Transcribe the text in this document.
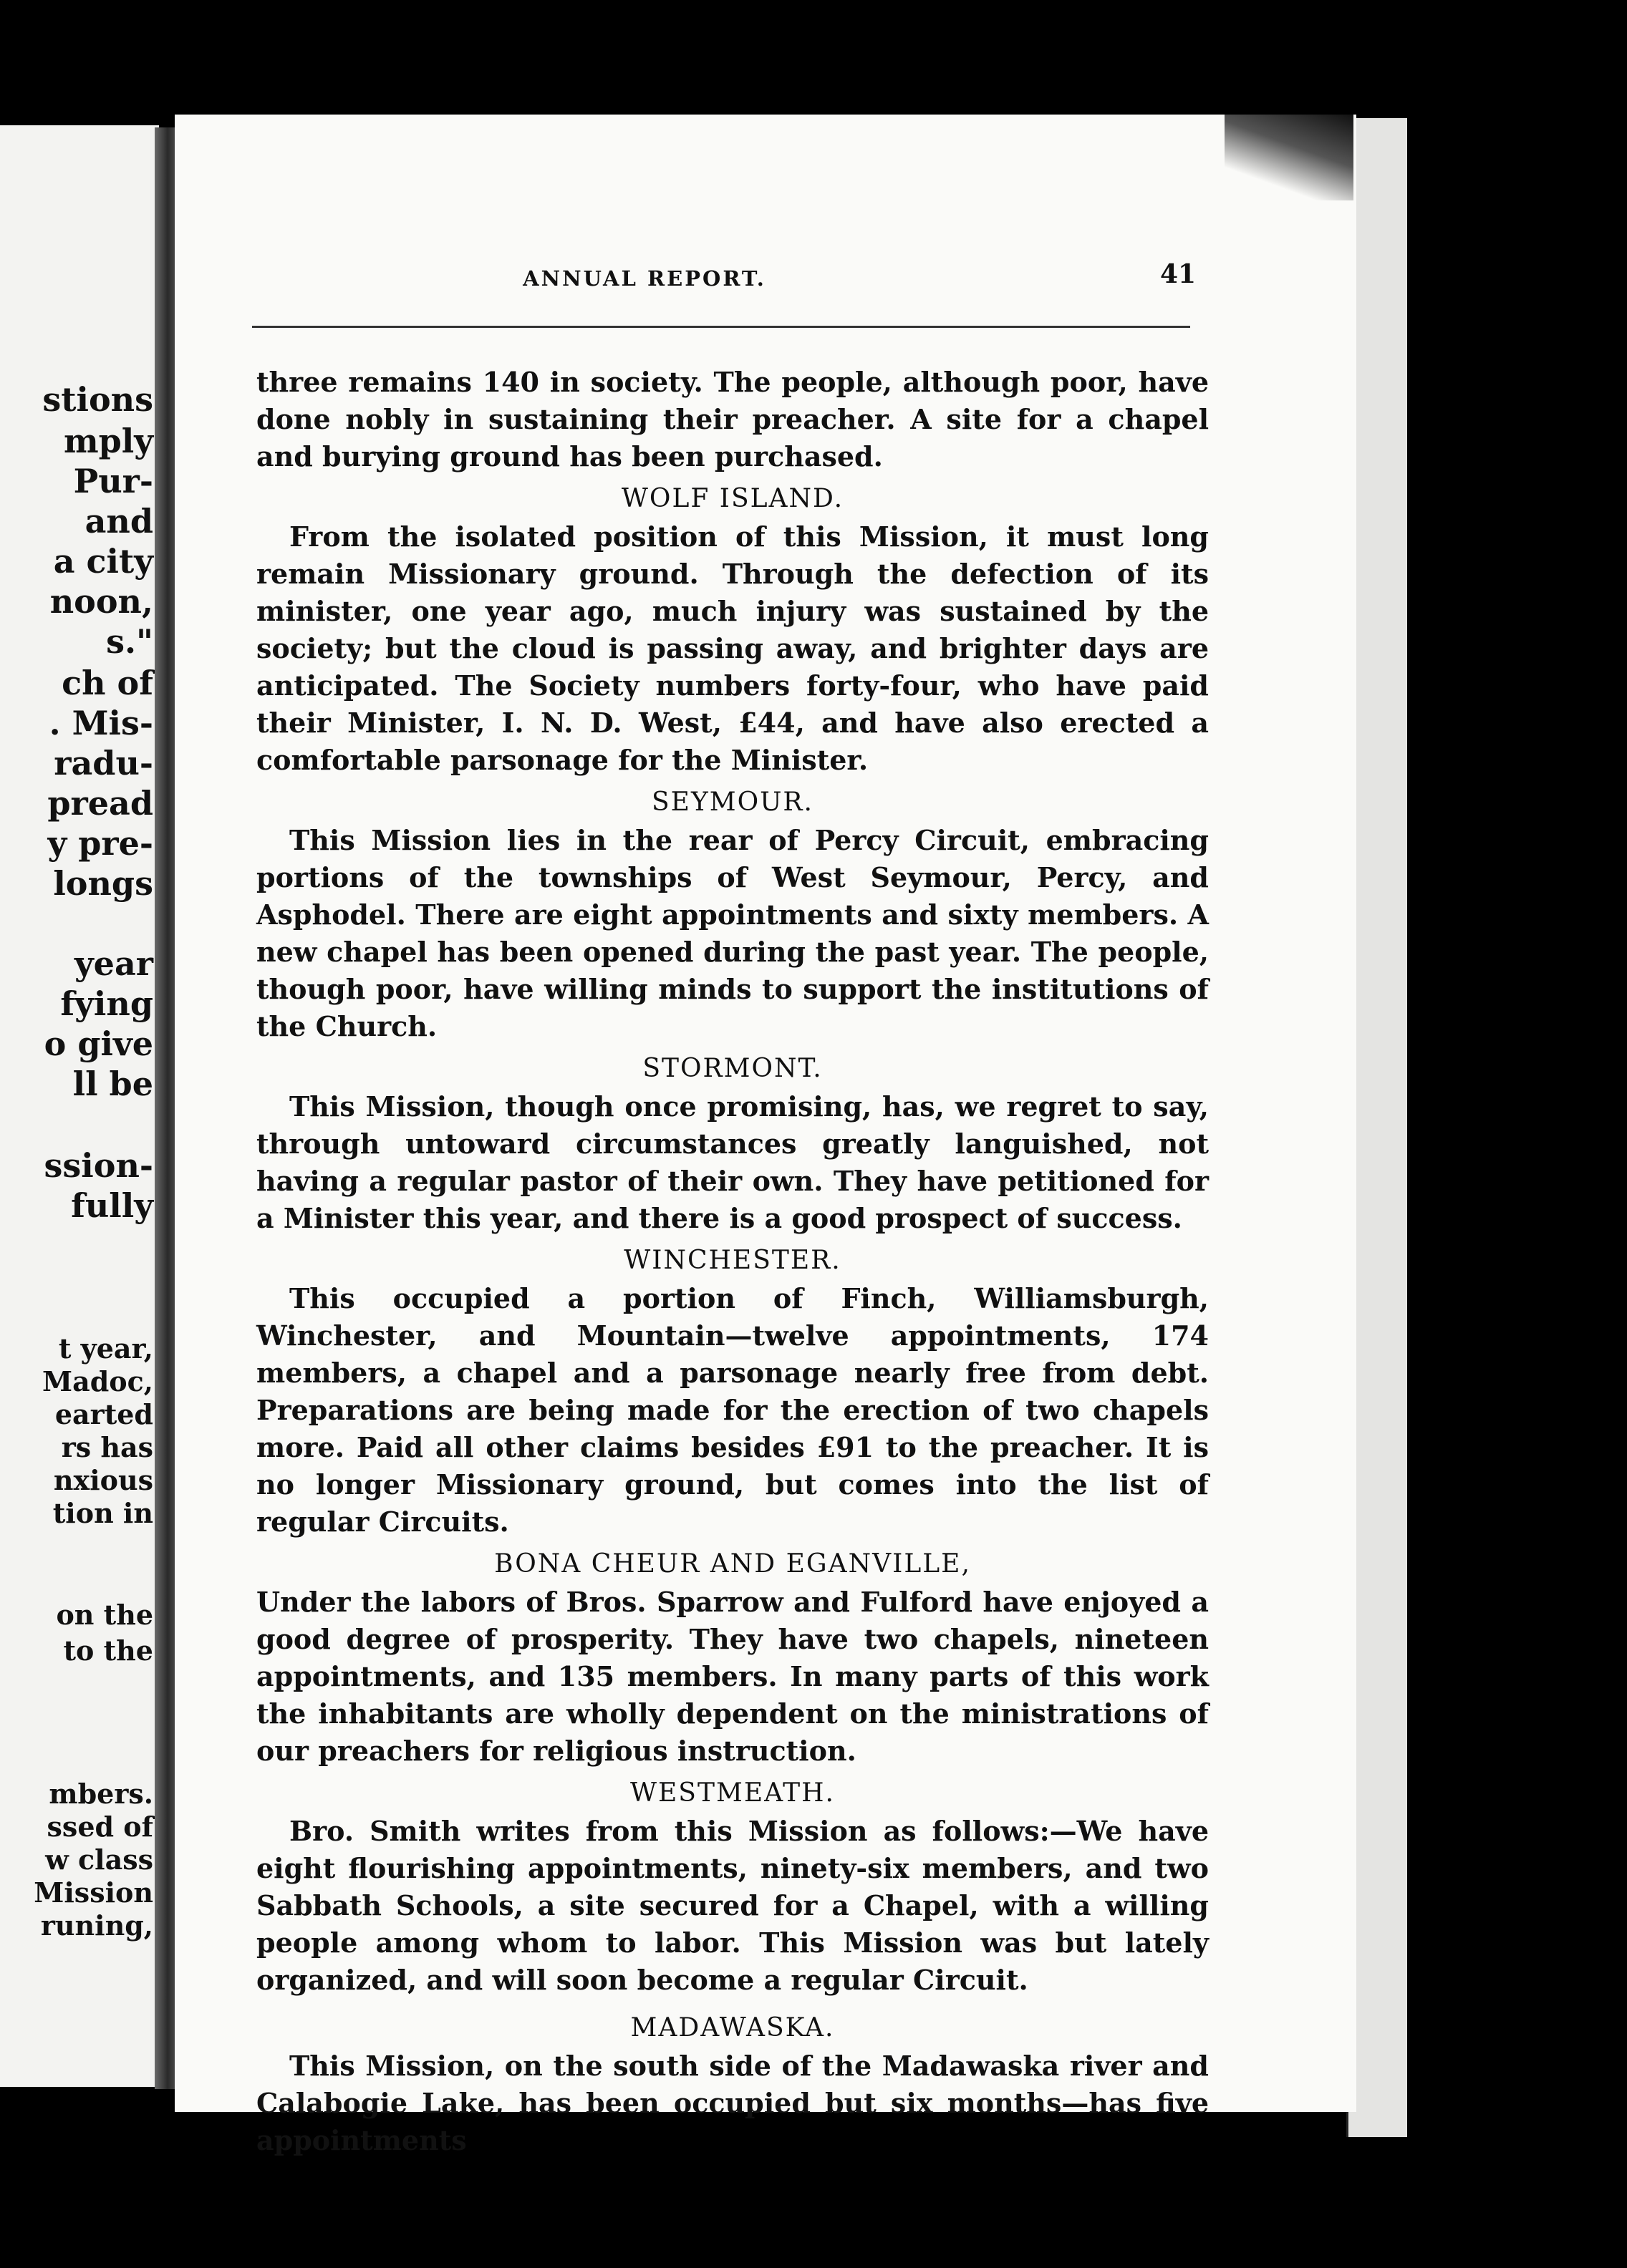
stions
mply
Pur-
and
a city
noon,
s."
ch of
. Mis-
radu-
pread
y pre-
longs
year
fying
o give
ll be
ssion-
fully
t year,
Madoc,
earted
rs has
nxious
tion in
on the
to the
mbers.
ssed of
w class
Mission
runing,
ANNUAL REPORT.	41

three remains 140 in society. The people, although poor, have done nobly in sustaining their preacher. A site for a chapel and burying ground has been purchased.

WOLF ISLAND.

From the isolated position of this Mission, it must long remain Missionary ground. Through the defection of its minister, one year ago, much injury was sustained by the society; but the cloud is passing away, and brighter days are anticipated. The Society numbers forty-four, who have paid their Minister, I. N. D. West, £44, and have also erected a comfortable parsonage for the Minister.

SEYMOUR.

This Mission lies in the rear of Percy Circuit, embracing portions of the townships of West Seymour, Percy, and Asphodel. There are eight appointments and sixty members. A new chapel has been opened during the past year. The people, though poor, have willing minds to support the institutions of the Church.

STORMONT.

This Mission, though once promising, has, we regret to say, through untoward circumstances greatly languished, not having a regular pastor of their own. They have petitioned for a Minister this year, and there is a good prospect of success.

WINCHESTER.

This occupied a portion of Finch, Williamsburgh, Winchester, and Mountain—twelve appointments, 174 members, a chapel and a parsonage nearly free from debt. Preparations are being made for the erection of two chapels more. Paid all other claims besides £91 to the preacher. It is no longer Missionary ground, but comes into the list of regular Circuits.

BONA CHEUR AND EGANVILLE,

Under the labors of Bros. Sparrow and Fulford have enjoyed a good degree of prosperity. They have two chapels, nineteen appointments, and 135 members. In many parts of this work the inhabitants are wholly dependent on the ministrations of our preachers for religious instruction.

WESTMEATH.

Bro. Smith writes from this Mission as follows:—We have eight flourishing appointments, ninety-six members, and two Sabbath Schools, a site secured for a Chapel, with a willing people among whom to labor. This Mission was but lately organized, and will soon become a regular Circuit.

MADAWASKA.

This Mission, on the south side of the Madawaska river and Calabogie Lake, has been occupied but six months—has five appointments
